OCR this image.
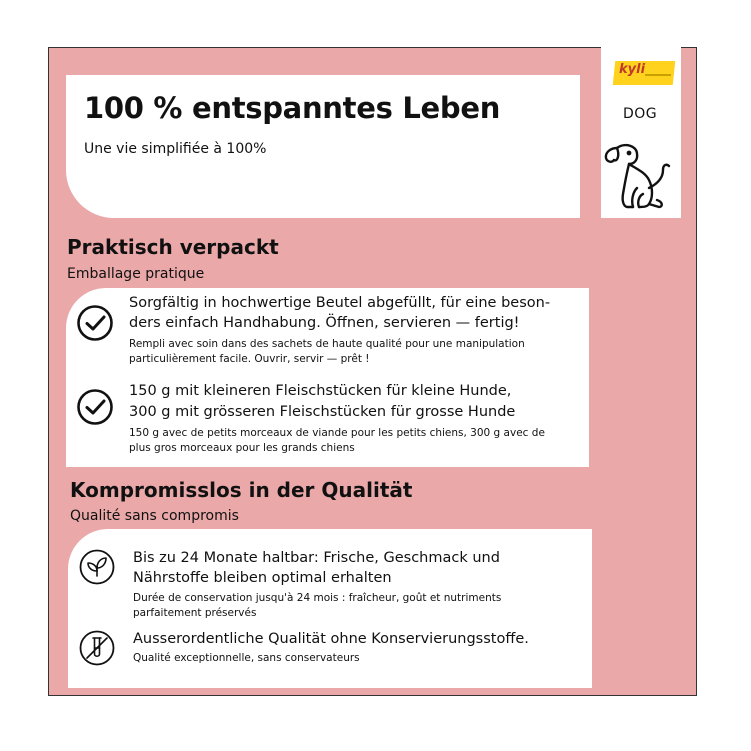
100 % entspanntes Leben
Une vie simplifiée à 100%
kyli
DOG
Praktisch verpackt
Emballage pratique
Sorgfältig in hochwertige Beutel abgefüllt, für eine beson-
ders einfach Handhabung. Öffnen, servieren — fertig!
Rempli avec soin dans des sachets de haute qualité pour une manipulation
particulièrement facile. Ouvrir, servir — prêt !
150 g mit kleineren Fleischstücken für kleine Hunde,
300 g mit grösseren Fleischstücken für grosse Hunde
150 g avec de petits morceaux de viande pour les petits chiens, 300 g avec de
plus gros morceaux pour les grands chiens
Kompromisslos in der Qualität
Qualité sans compromis
Bis zu 24 Monate haltbar: Frische, Geschmack und
Nährstoffe bleiben optimal erhalten
Durée de conservation jusqu'à 24 mois : fraîcheur, goût et nutriments
parfaitement préservés
Ausserordentliche Qualität ohne Konservierungsstoffe.
Qualité exceptionnelle, sans conservateurs
